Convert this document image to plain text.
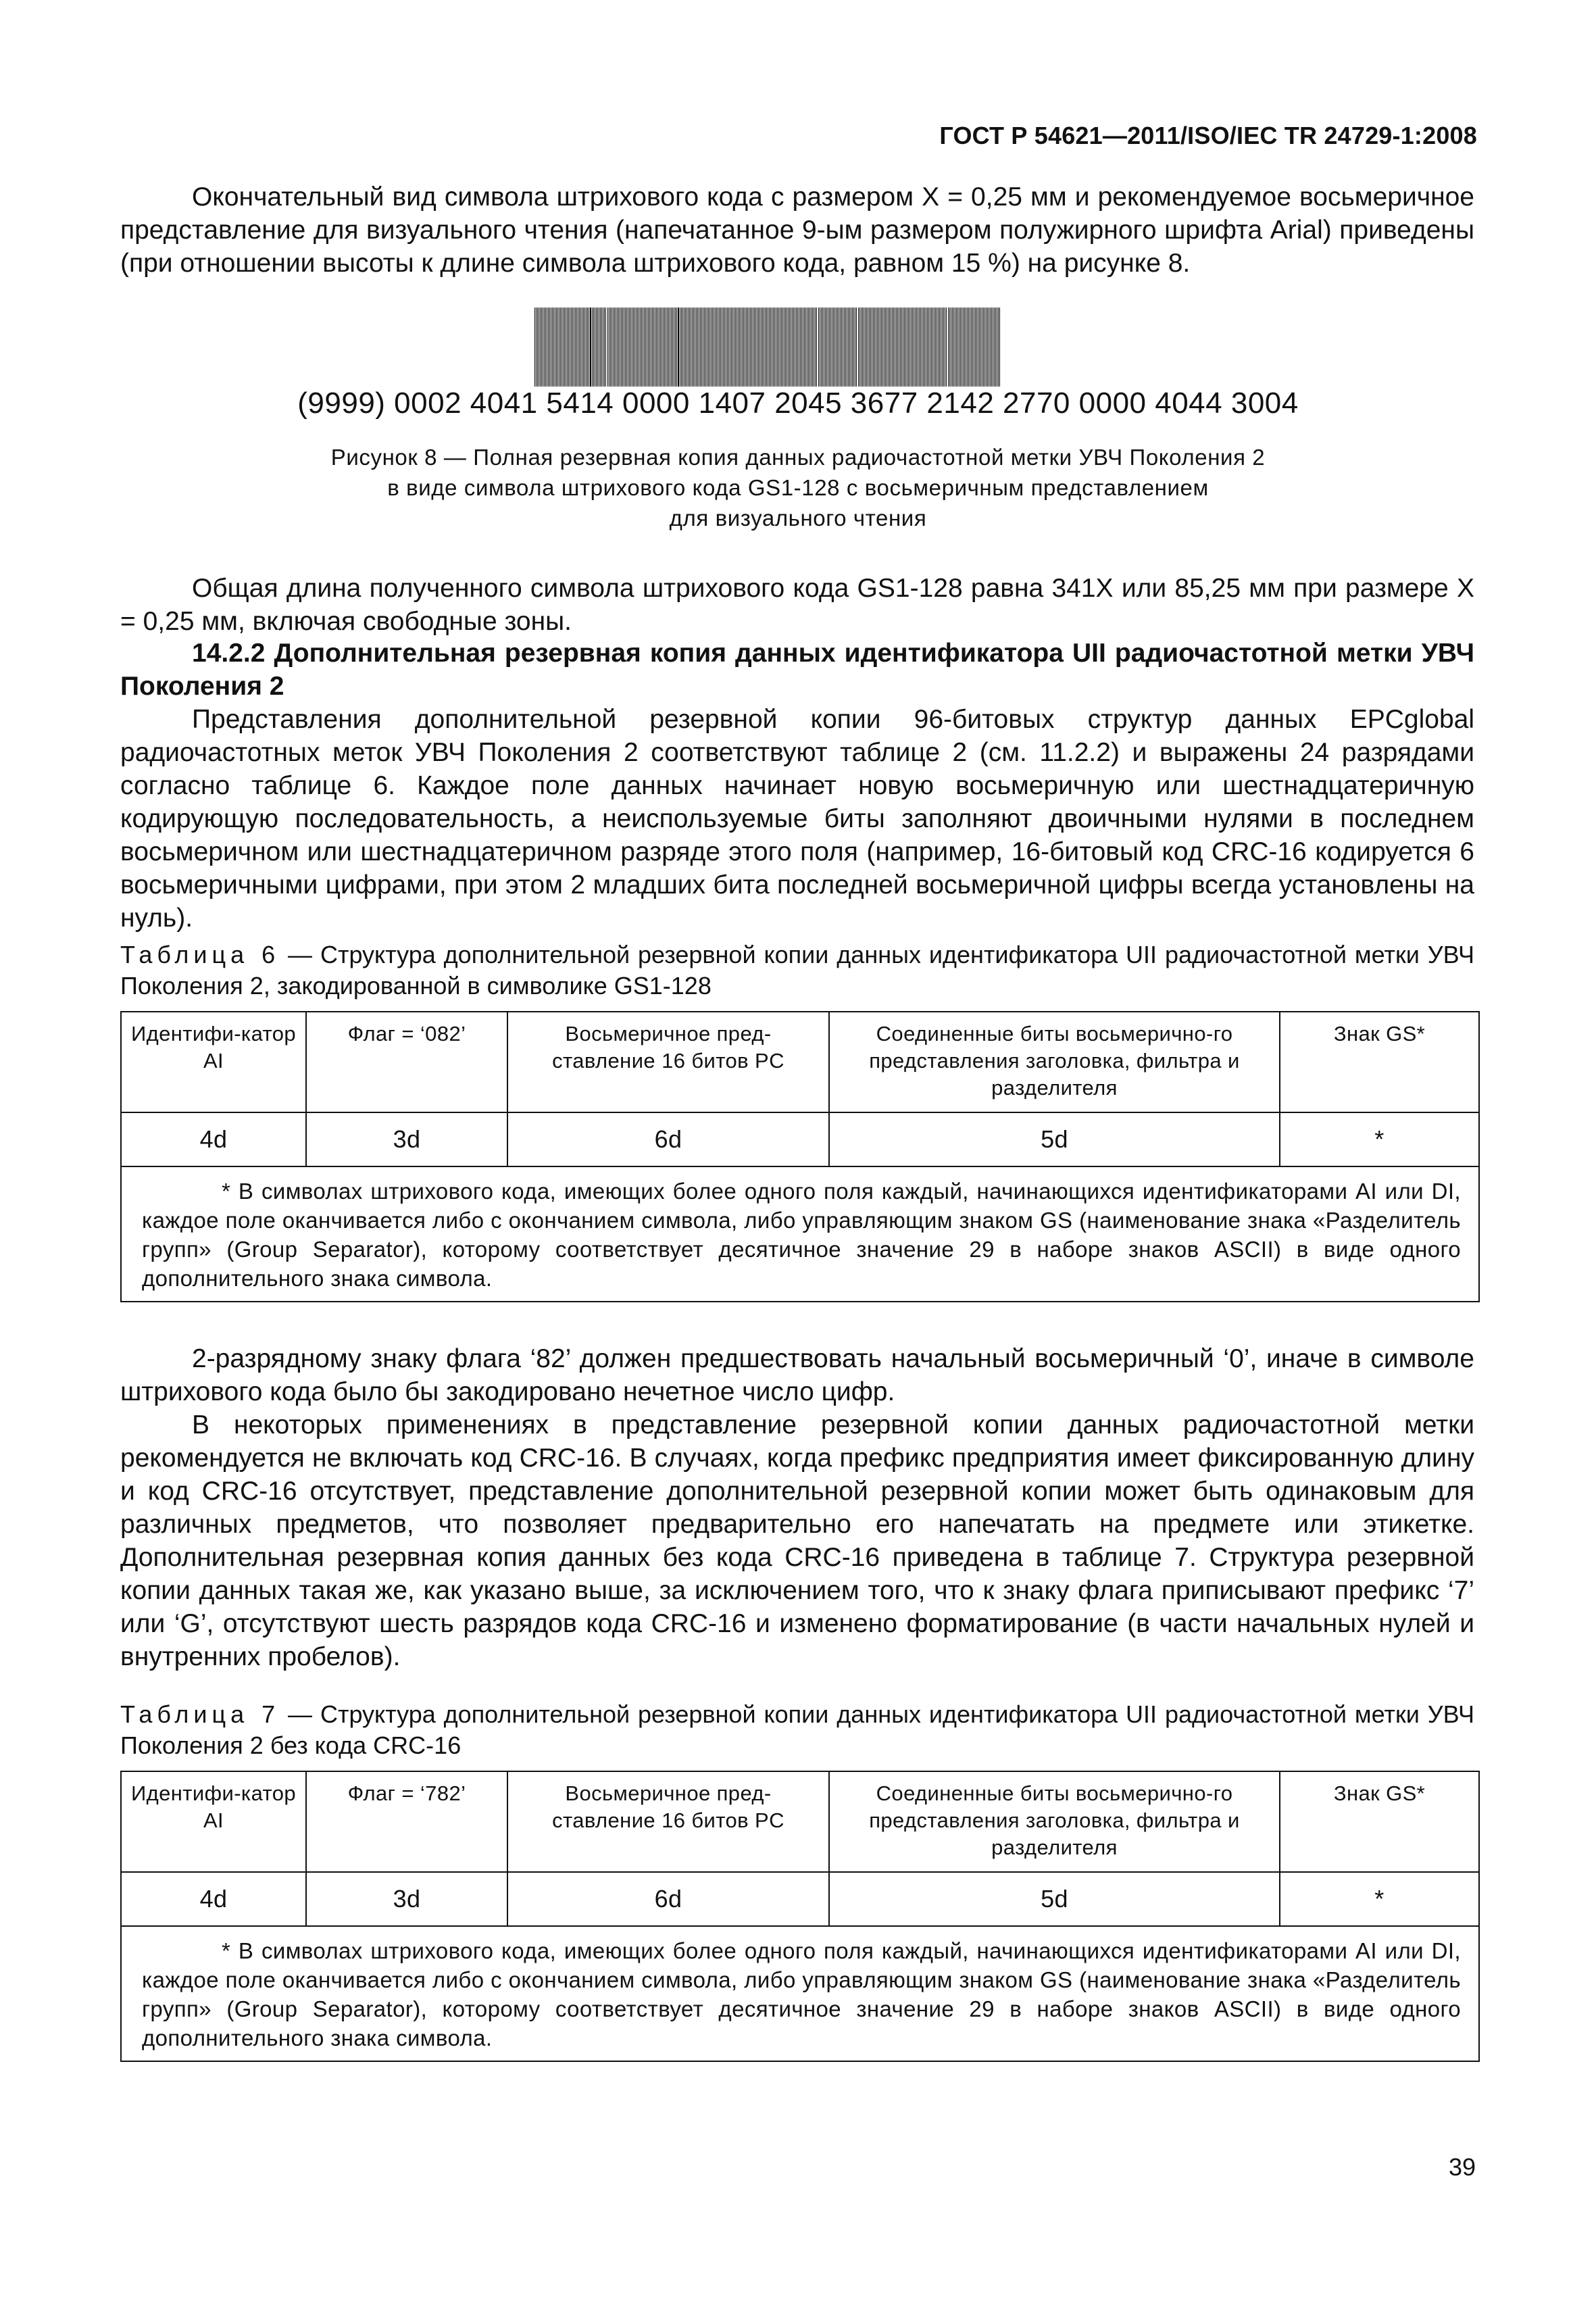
ГОСТ Р 54621—2011/ISO/IEC TR 24729-1:2008

Окончательный вид символа штрихового кода с размером X = 0,25 мм и рекомендуемое восьмеричное представление для визуального чтения (напечатанное 9-ым размером полужирного шрифта Arial) приведены (при отношении высоты к длине символа штрихового кода, равном 15 %) на рисунке 8.

(9999) 0002 4041 5414 0000 1407 2045 3677 2142 2770 0000 4044 3004
Рисунок 8 — Полная резервная копия данных радиочастотной метки УВЧ Поколения 2
в виде символа штрихового кода GS1-128 с восьмеричным представлением
для визуального чтения

Общая длина полученного символа штрихового кода GS1-128 равна 341X или 85,25 мм при размере X = 0,25 мм, включая свободные зоны.

14.2.2 Дополнительная резервная копия данных идентификатора UII радиочастотной метки УВЧ Поколения 2

Представления дополнительной резервной копии 96-битовых структур данных EPCglobal радиочастотных меток УВЧ Поколения 2 соответствуют таблице 2 (см. 11.2.2) и выражены 24 разрядами согласно таблице 6. Каждое поле данных начинает новую восьмеричную или шестнадцатеричную кодирующую последовательность, а неиспользуемые биты заполняют двоичными нулями в последнем восьмеричном или шестнадцатеричном разряде этого поля (например, 16-битовый код CRC-16 кодируется 6 восьмеричными цифрами, при этом 2 младших бита последней восьмеричной цифры всегда установлены на нуль).

Таблица 6 — Структура дополнительной резервной копии данных идентификатора UII радиочастотной метки УВЧ Поколения 2, закодированной в символике GS1-128
Идентифи-катор AI	Флаг = ‘082’	Восьмеричное пред-ставление 16 битов PC	Соединенные биты восьмерично-го представления заголовка, фильтра и разделителя	Знак GS*
4d	3d	6d	5d	*
* В символах штрихового кода, имеющих более одного поля каждый, начинающихся идентификаторами AI или DI, каждое поле оканчивается либо с окончанием символа, либо управляющим знаком GS (наименование знака «Разделитель групп» (Group Separator), которому соответствует десятичное значение 29 в наборе знаков ASCII) в виде одного дополнительного знака символа.				

2-разрядному знаку флага ‘82’ должен предшествовать начальный восьмеричный ‘0’, иначе в символе штрихового кода было бы закодировано нечетное число цифр.

В некоторых применениях в представление резервной копии данных радиочастотной метки рекомендуется не включать код CRC-16. В случаях, когда префикс предприятия имеет фиксированную длину и код CRC-16 отсутствует, представление дополнительной резервной копии может быть одинаковым для различных предметов, что позволяет предварительно его напечатать на предмете или этикетке. Дополнительная резервная копия данных без кода CRC-16 приведена в таблице 7. Структура резервной копии данных такая же, как указано выше, за исключением того, что к знаку флага приписывают префикс ‘7’ или ‘G’, отсутствуют шесть разрядов кода CRC-16 и изменено форматирование (в части начальных нулей и внутренних пробелов).

Таблица 7 — Структура дополнительной резервной копии данных идентификатора UII радиочастотной метки УВЧ Поколения 2 без кода CRC-16
Идентифи-катор AI	Флаг = ‘782’	Восьмеричное пред-ставление 16 битов PC	Соединенные биты восьмерично-го представления заголовка, фильтра и разделителя	Знак GS*
4d	3d	6d	5d	*
* В символах штрихового кода, имеющих более одного поля каждый, начинающихся идентификаторами AI или DI, каждое поле оканчивается либо с окончанием символа, либо управляющим знаком GS (наименование знака «Разделитель групп» (Group Separator), которому соответствует десятичное значение 29 в наборе знаков ASCII) в виде одного дополнительного знака символа.				
39
